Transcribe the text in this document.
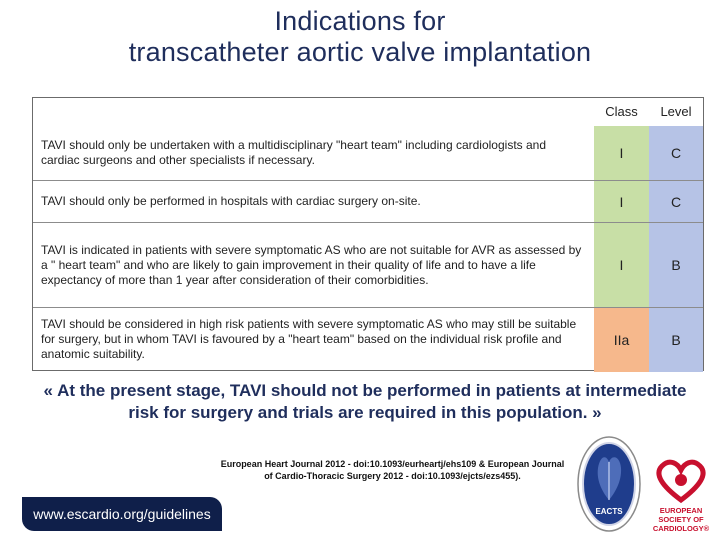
Indications for
transcatheter aortic valve implantation
	Class	Level
TAVI should only be undertaken with a multidisciplinary "heart team" including cardiologists and cardiac surgeons and other specialists if necessary.	I	C
TAVI should only be performed in hospitals with cardiac surgery on-site.	I	C
TAVI is indicated in patients with severe symptomatic AS who are not suitable for AVR as assessed by a " heart team" and who are likely to gain improvement in their quality of life and to have a life expectancy of more than 1 year after consideration of their comorbidities.	I	B
TAVI should be considered in high risk patients with severe symptomatic AS who may still be suitable for surgery, but in whom TAVI is favoured by a "heart team" based on the individual risk profile and anatomic suitability.	IIa	B
« At the present stage, TAVI should not be performed in patients at intermediate risk for surgery and trials are required in this population. »
www.escardio.org/guidelines
European Heart Journal 2012 - doi:10.1093/eurheartj/ehs109 & European Journal of Cardio-Thoracic Surgery 2012 - doi:10.1093/ejcts/ezs455).
EACTS	EUROPEAN
SOCIETY OF
CARDIOLOGY®
